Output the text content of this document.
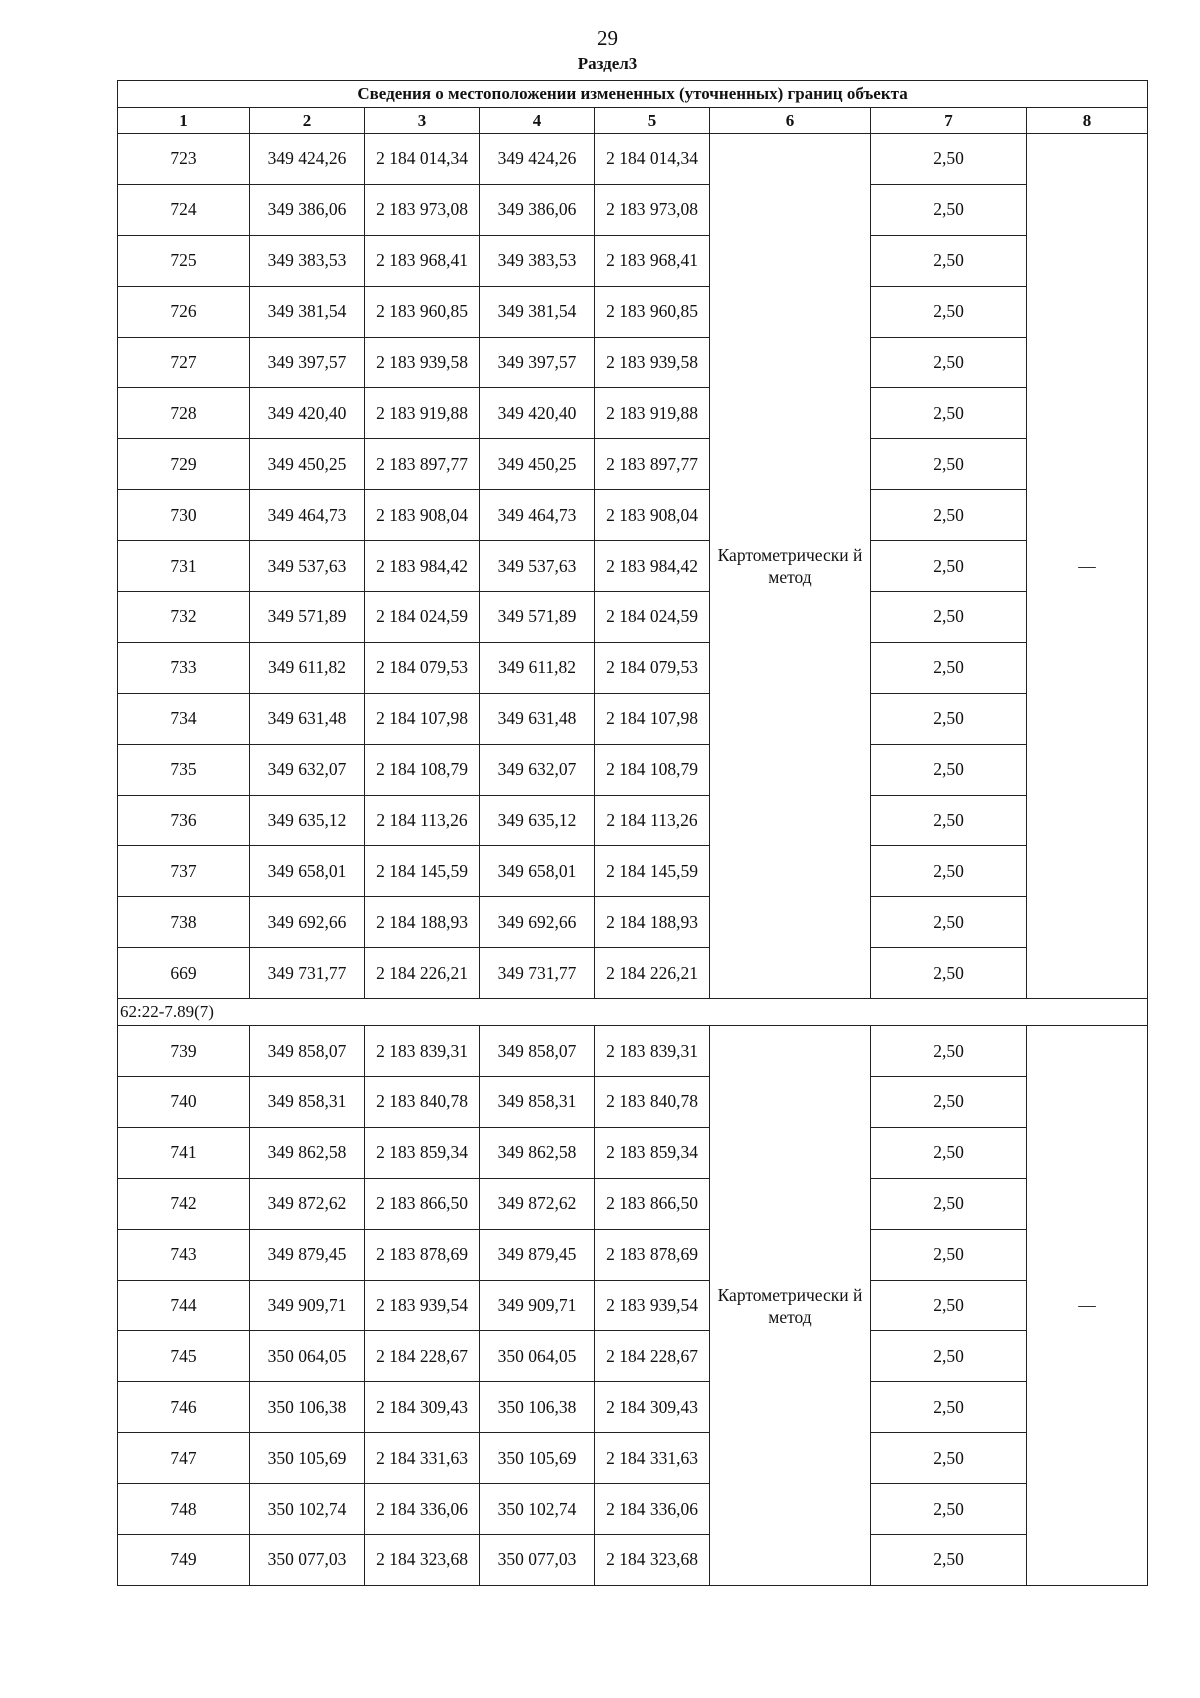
29
Раздел3
Сведения о местоположении измененных (уточненных) границ объекта							
1	2	3	4	5	6	7	8
723	349 424,26	2 184 014,34	349 424,26	2 184 014,34	Картометрически й метод	2,50	—
724	349 386,06	2 183 973,08	349 386,06	2 183 973,08		2,50	
725	349 383,53	2 183 968,41	349 383,53	2 183 968,41		2,50	
726	349 381,54	2 183 960,85	349 381,54	2 183 960,85		2,50	
727	349 397,57	2 183 939,58	349 397,57	2 183 939,58		2,50	
728	349 420,40	2 183 919,88	349 420,40	2 183 919,88		2,50	
729	349 450,25	2 183 897,77	349 450,25	2 183 897,77		2,50	
730	349 464,73	2 183 908,04	349 464,73	2 183 908,04		2,50	
731	349 537,63	2 183 984,42	349 537,63	2 183 984,42		2,50	
732	349 571,89	2 184 024,59	349 571,89	2 184 024,59		2,50	
733	349 611,82	2 184 079,53	349 611,82	2 184 079,53		2,50	
734	349 631,48	2 184 107,98	349 631,48	2 184 107,98		2,50	
735	349 632,07	2 184 108,79	349 632,07	2 184 108,79		2,50	
736	349 635,12	2 184 113,26	349 635,12	2 184 113,26		2,50	
737	349 658,01	2 184 145,59	349 658,01	2 184 145,59		2,50	
738	349 692,66	2 184 188,93	349 692,66	2 184 188,93		2,50	
669	349 731,77	2 184 226,21	349 731,77	2 184 226,21		2,50	
62:22-7.89(7)							
739	349 858,07	2 183 839,31	349 858,07	2 183 839,31	Картометрически й метод	2,50	—
740	349 858,31	2 183 840,78	349 858,31	2 183 840,78		2,50	
741	349 862,58	2 183 859,34	349 862,58	2 183 859,34		2,50	
742	349 872,62	2 183 866,50	349 872,62	2 183 866,50		2,50	
743	349 879,45	2 183 878,69	349 879,45	2 183 878,69		2,50	
744	349 909,71	2 183 939,54	349 909,71	2 183 939,54		2,50	
745	350 064,05	2 184 228,67	350 064,05	2 184 228,67		2,50	
746	350 106,38	2 184 309,43	350 106,38	2 184 309,43		2,50	
747	350 105,69	2 184 331,63	350 105,69	2 184 331,63		2,50	
748	350 102,74	2 184 336,06	350 102,74	2 184 336,06		2,50	
749	350 077,03	2 184 323,68	350 077,03	2 184 323,68		2,50	
